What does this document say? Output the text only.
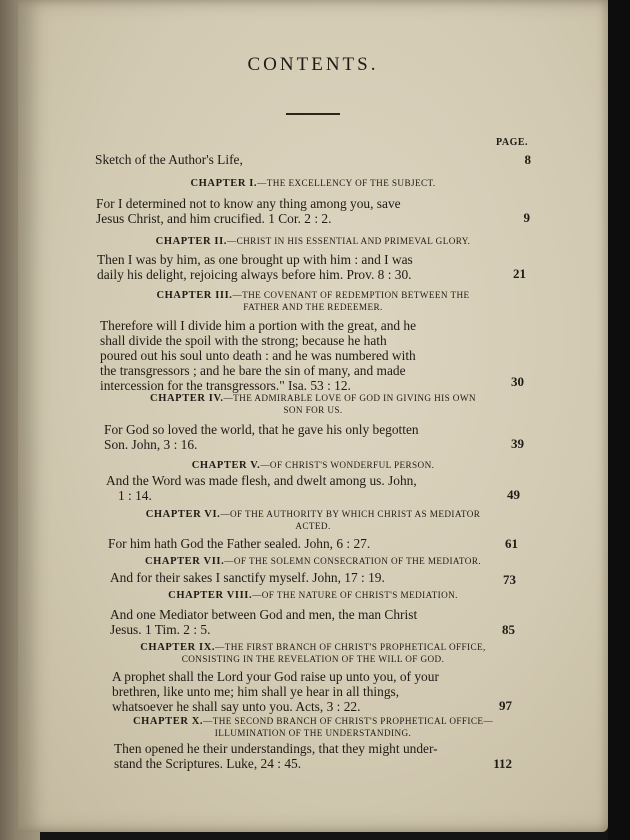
CONTENTS.
PAGE.
Sketch of the Author's Life,	8
CHAPTER I.—THE EXCELLENCY OF THE SUBJECT.
For I determined not to know any thing among you, save
Jesus Christ, and him crucified. 1 Cor. 2 : 2.	9
CHAPTER II.—CHRIST IN HIS ESSENTIAL AND PRIMEVAL GLORY.
Then I was by him, as one brought up with him : and I was
daily his delight, rejoicing always before him. Prov. 8 : 30.	21
CHAPTER III.—THE COVENANT OF REDEMPTION BETWEEN THE
FATHER AND THE REDEEMER.
Therefore will I divide him a portion with the great, and he
shall divide the spoil with the strong; because he hath
poured out his soul unto death : and he was numbered with
the transgressors ; and he bare the sin of many, and made
intercession for the transgressors." Isa. 53 : 12.	30
CHAPTER IV.—THE ADMIRABLE LOVE OF GOD IN GIVING HIS OWN
SON FOR US.
For God so loved the world, that he gave his only begotten
Son. John, 3 : 16.	39
CHAPTER V.—OF CHRIST'S WONDERFUL PERSON.
And the Word was made flesh, and dwelt among us. John,
1 : 14.	49
CHAPTER VI.—OF THE AUTHORITY BY WHICH CHRIST AS MEDIATOR
ACTED.
For him hath God the Father sealed. John, 6 : 27.	61
CHAPTER VII.—OF THE SOLEMN CONSECRATION OF THE MEDIATOR.
And for their sakes I sanctify myself. John, 17 : 19.	73
CHAPTER VIII.—OF THE NATURE OF CHRIST'S MEDIATION.
And one Mediator between God and men, the man Christ
Jesus. 1 Tim. 2 : 5.	85
CHAPTER IX.—THE FIRST BRANCH OF CHRIST'S PROPHETICAL OFFICE,
CONSISTING IN THE REVELATION OF THE WILL OF GOD.
A prophet shall the Lord your God raise up unto you, of your
brethren, like unto me; him shall ye hear in all things,
whatsoever he shall say unto you. Acts, 3 : 22.	97
CHAPTER X.—THE SECOND BRANCH OF CHRIST'S PROPHETICAL OFFICE—
ILLUMINATION OF THE UNDERSTANDING.
Then opened he their understandings, that they might under-
stand the Scriptures. Luke, 24 : 45.	112
